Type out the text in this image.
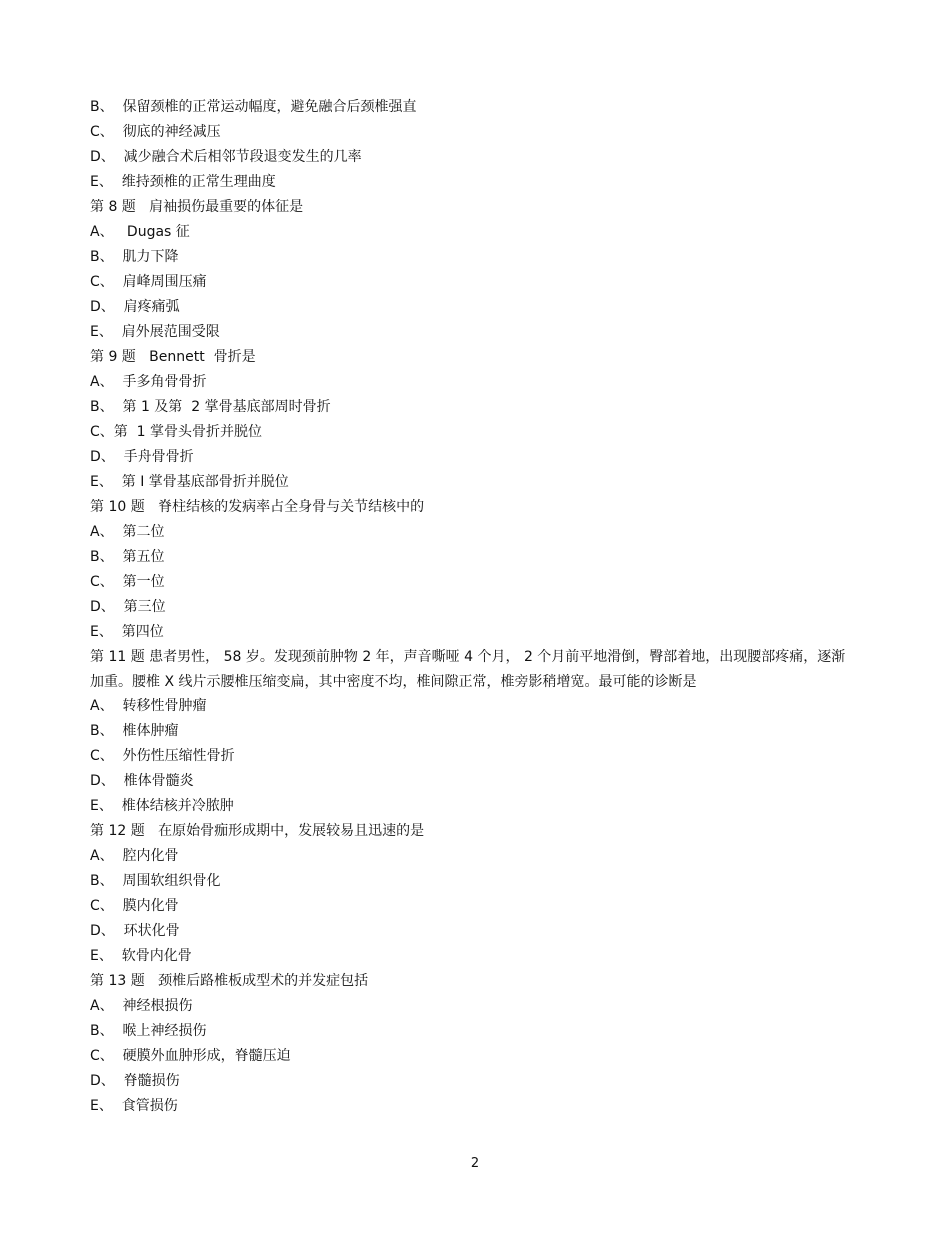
B、  保留颈椎的正常运动幅度，避免融合后颈椎强直
C、  彻底的神经减压
D、  减少融合术后相邻节段退变发生的几率
E、  维持颈椎的正常生理曲度
第 8 题   肩袖损伤最重要的体征是
A、   Dugas 征
B、  肌力下降
C、  肩峰周围压痛
D、  肩疼痛弧
E、  肩外展范围受限
第 9 题   Bennett  骨折是
A、  手多角骨骨折
B、  第 1 及第  2 掌骨基底部周时骨折
C、第  1 掌骨头骨折并脱位
D、  手舟骨骨折
E、  第 I 掌骨基底部骨折并脱位
第 10 题   脊柱结核的发病率占全身骨与关节结核中的
A、  第二位
B、  第五位
C、  第一位
D、  第三位
E、  第四位
第 11 题 患者男性， 58 岁。发现颈前肿物 2 年，声音嘶哑 4 个月， 2 个月前平地滑倒，臀部着地，出现腰部疼痛，逐渐加重。腰椎 X 线片示腰椎压缩变扁，其中密度不均，椎间隙正常，椎旁影稍增宽。最可能的诊断是
A、  转移性骨肿瘤
B、  椎体肿瘤
C、  外伤性压缩性骨折
D、  椎体骨髓炎
E、  椎体结核并冷脓肿
第 12 题   在原始骨痂形成期中，发展较易且迅速的是
A、  腔内化骨
B、  周围软组织骨化
C、  膜内化骨
D、  环状化骨
E、  软骨内化骨
第 13 题   颈椎后路椎板成型术的并发症包括
A、  神经根损伤
B、  喉上神经损伤
C、  硬膜外血肿形成，脊髓压迫
D、  脊髓损伤
E、  食管损伤
2
